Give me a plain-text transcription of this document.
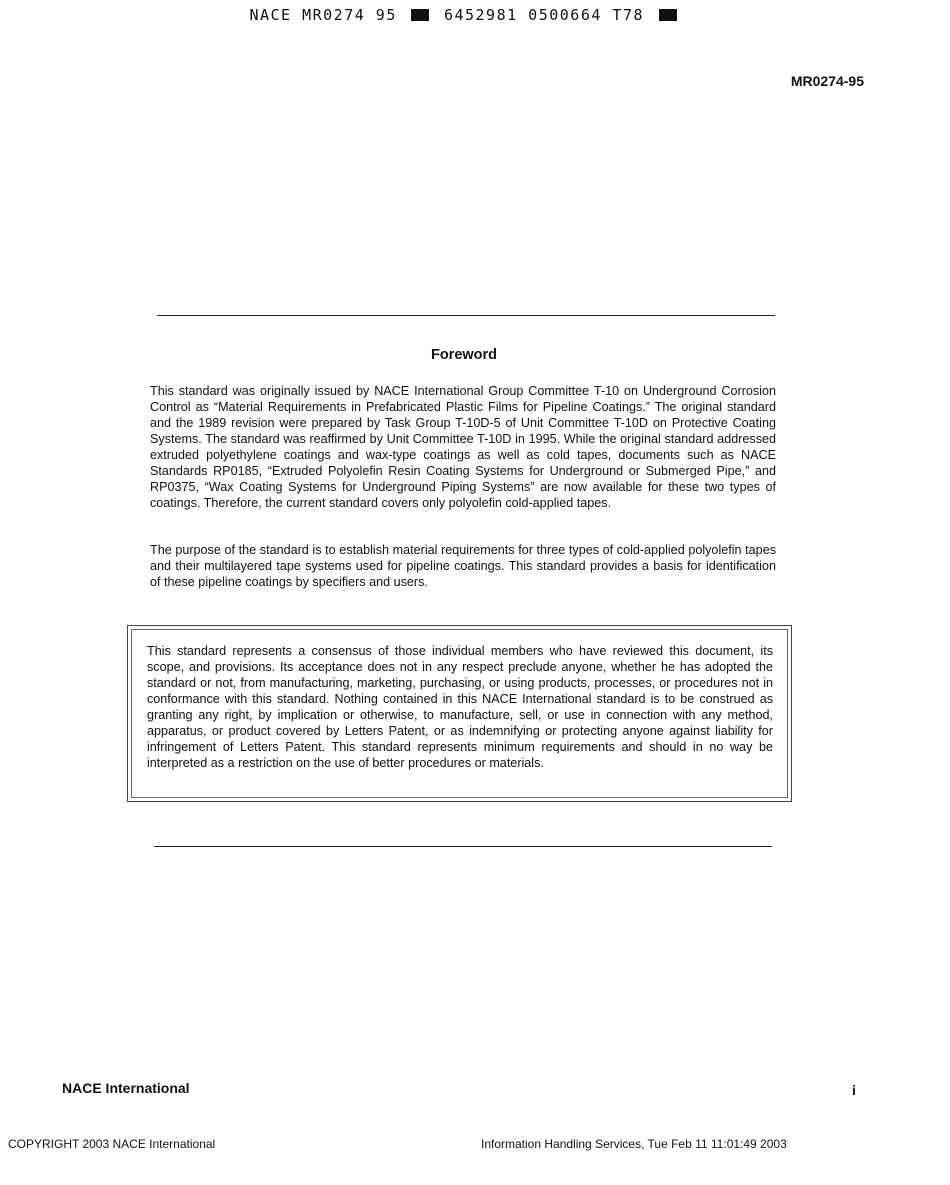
NACE MR0274 95	6452981 0500664 T78
MR0274-95
Foreword

This standard was originally issued by NACE International Group Committee T-10 on Underground Corrosion Control as “Material Requirements in Prefabricated Plastic Films for Pipeline Coatings.” The original standard and the 1989 revision were prepared by Task Group T-10D-5 of Unit Committee T-10D on Protective Coating Systems. The standard was reaffirmed by Unit Committee T-10D in 1995. While the original standard addressed extruded polyethylene coatings and wax-type coatings as well as cold tapes, documents such as NACE Standards RP0185, “Extruded Polyolefin Resin Coating Systems for Underground or Submerged Pipe,” and RP0375, “Wax Coating Systems for Underground Piping Systems” are now available for these two types of coatings. Therefore, the current standard covers only polyolefin cold-applied tapes.

The purpose of the standard is to establish material requirements for three types of cold-applied polyolefin tapes and their multilayered tape systems used for pipeline coatings. This standard provides a basis for identification of these pipeline coatings by specifiers and users.

This standard represents a consensus of those individual members who have reviewed this document, its scope, and provisions. Its acceptance does not in any respect preclude anyone, whether he has adopted the standard or not, from manufacturing, marketing, purchasing, or using products, processes, or procedures not in conformance with this standard. Nothing contained in this NACE International standard is to be construed as granting any right, by implication or otherwise, to manufacture, sell, or use in connection with any method, apparatus, or product covered by Letters Patent, or as indemnifying or protecting anyone against liability for infringement of Letters Patent. This standard represents minimum requirements and should in no way be interpreted as a restriction on the use of better procedures or materials.

NACE International	i
COPYRIGHT 2003 NACE International	Information Handling Services, Tue Feb 11 11:01:49 2003
